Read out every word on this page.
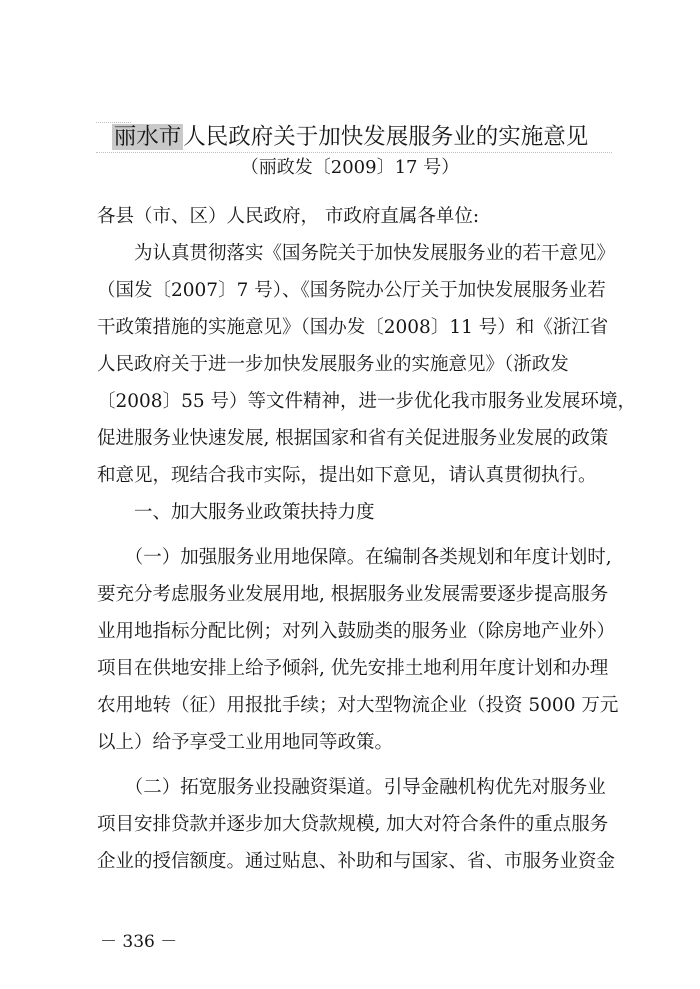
丽水市人民政府关于加快发展服务业的实施意见
（丽政发〔2009〕17 号）

各县（市、区）人民政府， 市政府直属各单位:

　　为认真贯彻落实《国务院关于加快发展服务业的若干意见》

（国发〔2007〕7 号）、《国务院办公厅关于加快发展服务业若

干政策措施的实施意见》（国办发〔2008〕11 号）和《浙江省

人民政府关于进一步加快发展服务业的实施意见》（浙政发

〔2008〕55 号）等文件精神，进一步优化我市服务业发展环境，

促进服务业快速发展, 根据国家和省有关促进服务业发展的政策

和意见，现结合我市实际，提出如下意见，请认真贯彻执行。

　　一、加大服务业政策扶持力度

　　（一）加强服务业用地保障。在编制各类规划和年度计划时,

要充分考虑服务业发展用地, 根据服务业发展需要逐步提高服务

业用地指标分配比例；对列入鼓励类的服务业（除房地产业外）

项目在供地安排上给予倾斜, 优先安排土地利用年度计划和办理

农用地转（征）用报批手续；对大型物流企业（投资 5000 万元

以上）给予享受工业用地同等政策。

　　（二）拓宽服务业投融资渠道。引导金融机构优先对服务业

项目安排贷款并逐步加大贷款规模, 加大对符合条件的重点服务

企业的授信额度。通过贴息、补助和与国家、省、市服务业资金

－ 336 －
